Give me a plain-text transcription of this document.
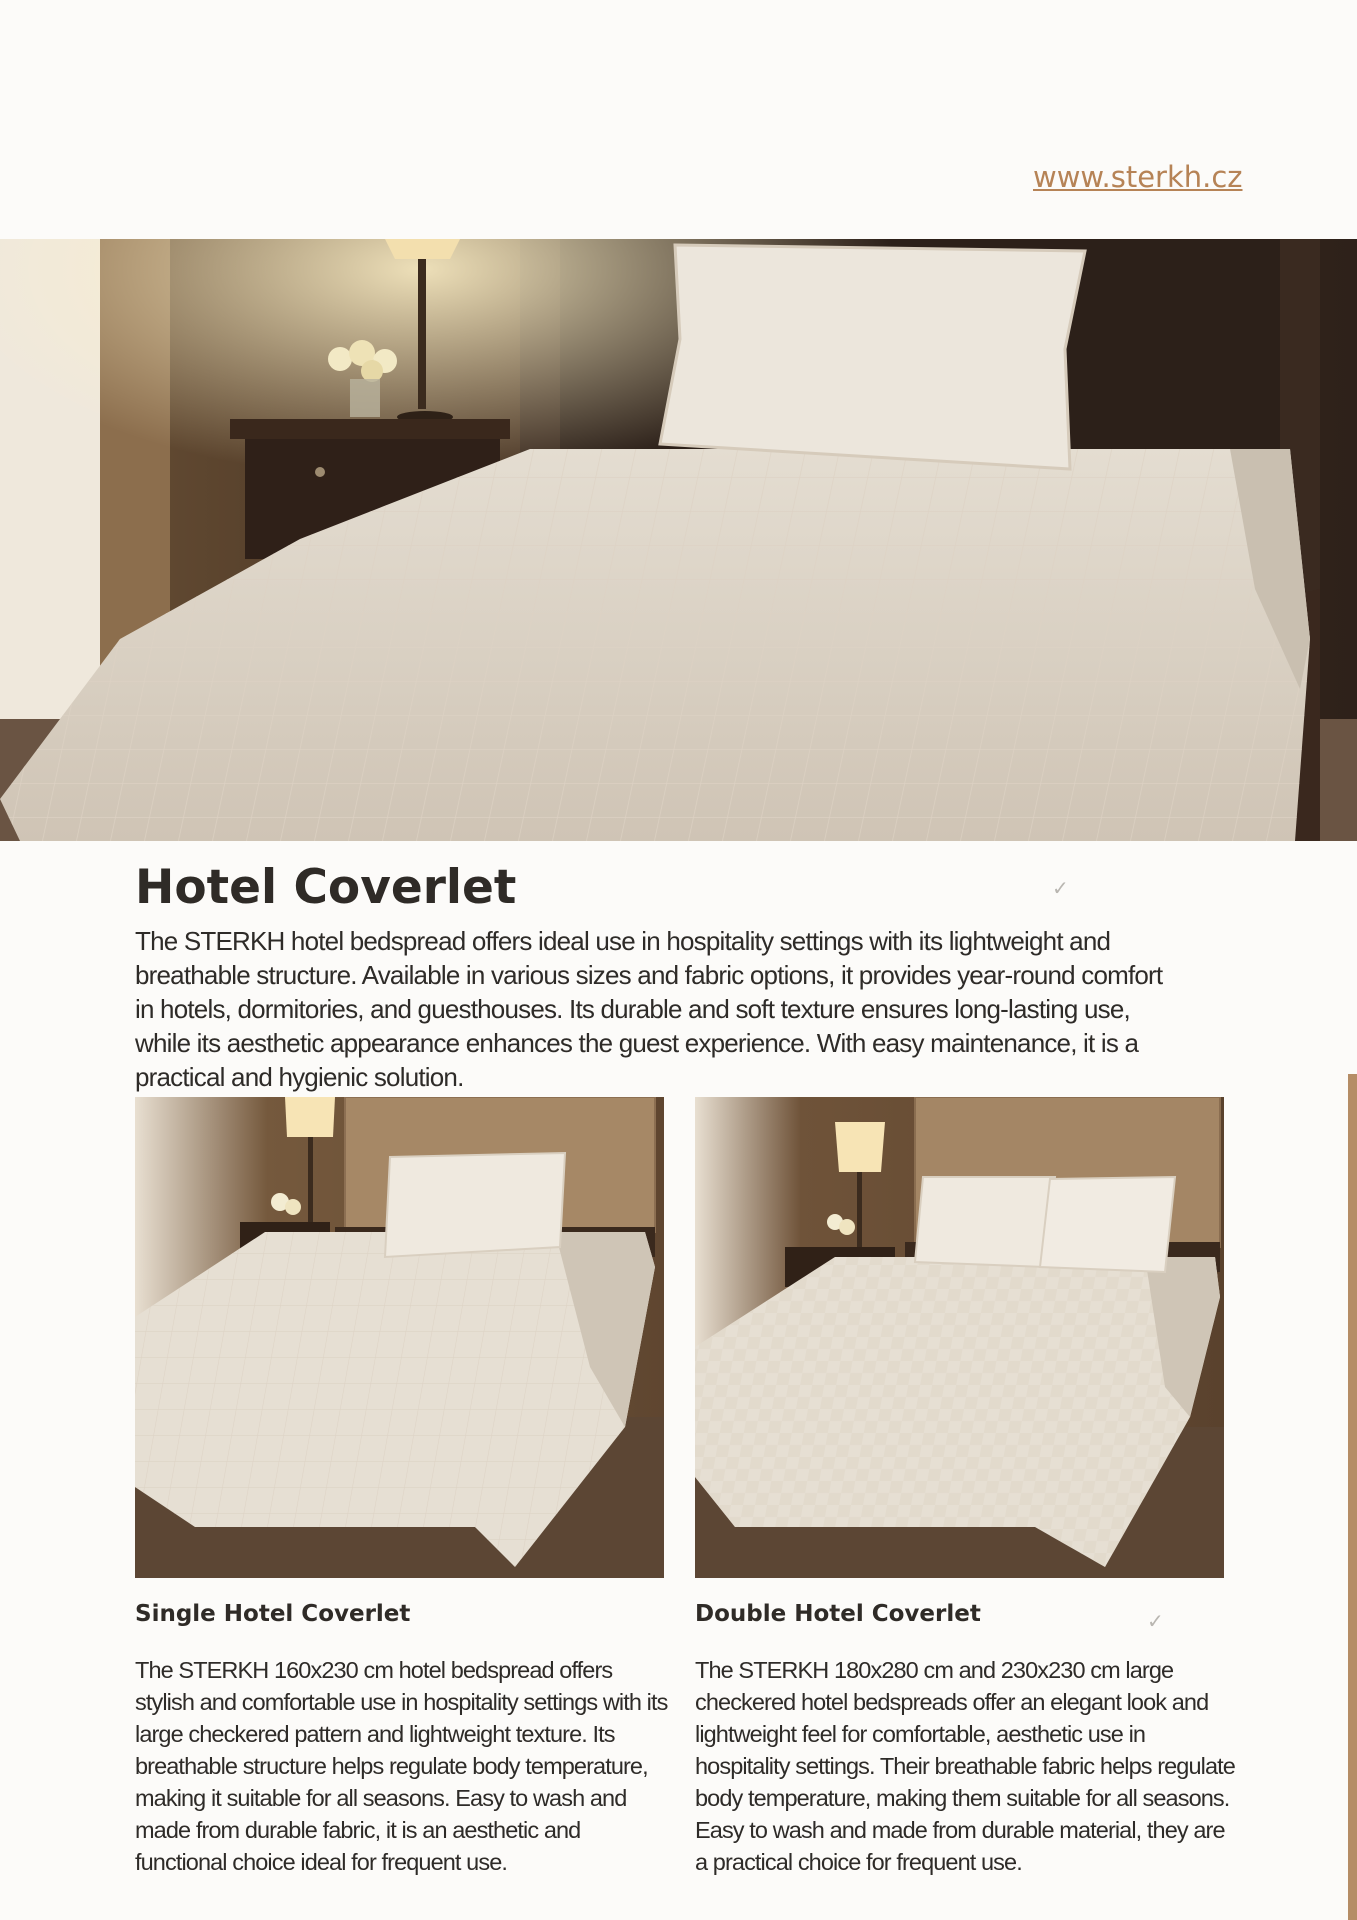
www.sterkh.cz
Hotel Coverlet	✓

The STERKH hotel bedspread offers ideal use in hospitality settings with its lightweight and breathable structure. Available in various sizes and fabric options, it provides year-round comfort in hotels, dormitories, and guesthouses. Its durable and soft texture ensures long-lasting use, while its aesthetic appearance enhances the guest experience. With easy maintenance, it is a practical and hygienic solution.

Single Hotel Coverlet	Double Hotel Coverlet	✓

The STERKH 160x230 cm hotel bedspread offers stylish and comfortable use in hospitality settings with its large checkered pattern and lightweight texture. Its breathable structure helps regulate body temperature, making it suitable for all seasons. Easy to wash and made from durable fabric, it is an aesthetic and functional choice ideal for frequent use.

The STERKH 180x280 cm and 230x230 cm large checkered hotel bedspreads offer an elegant look and lightweight feel for comfortable, aesthetic use in hospitality settings. Their breathable fabric helps regulate body temperature, making them suitable for all seasons. Easy to wash and made from durable material, they are a practical choice for frequent use.
